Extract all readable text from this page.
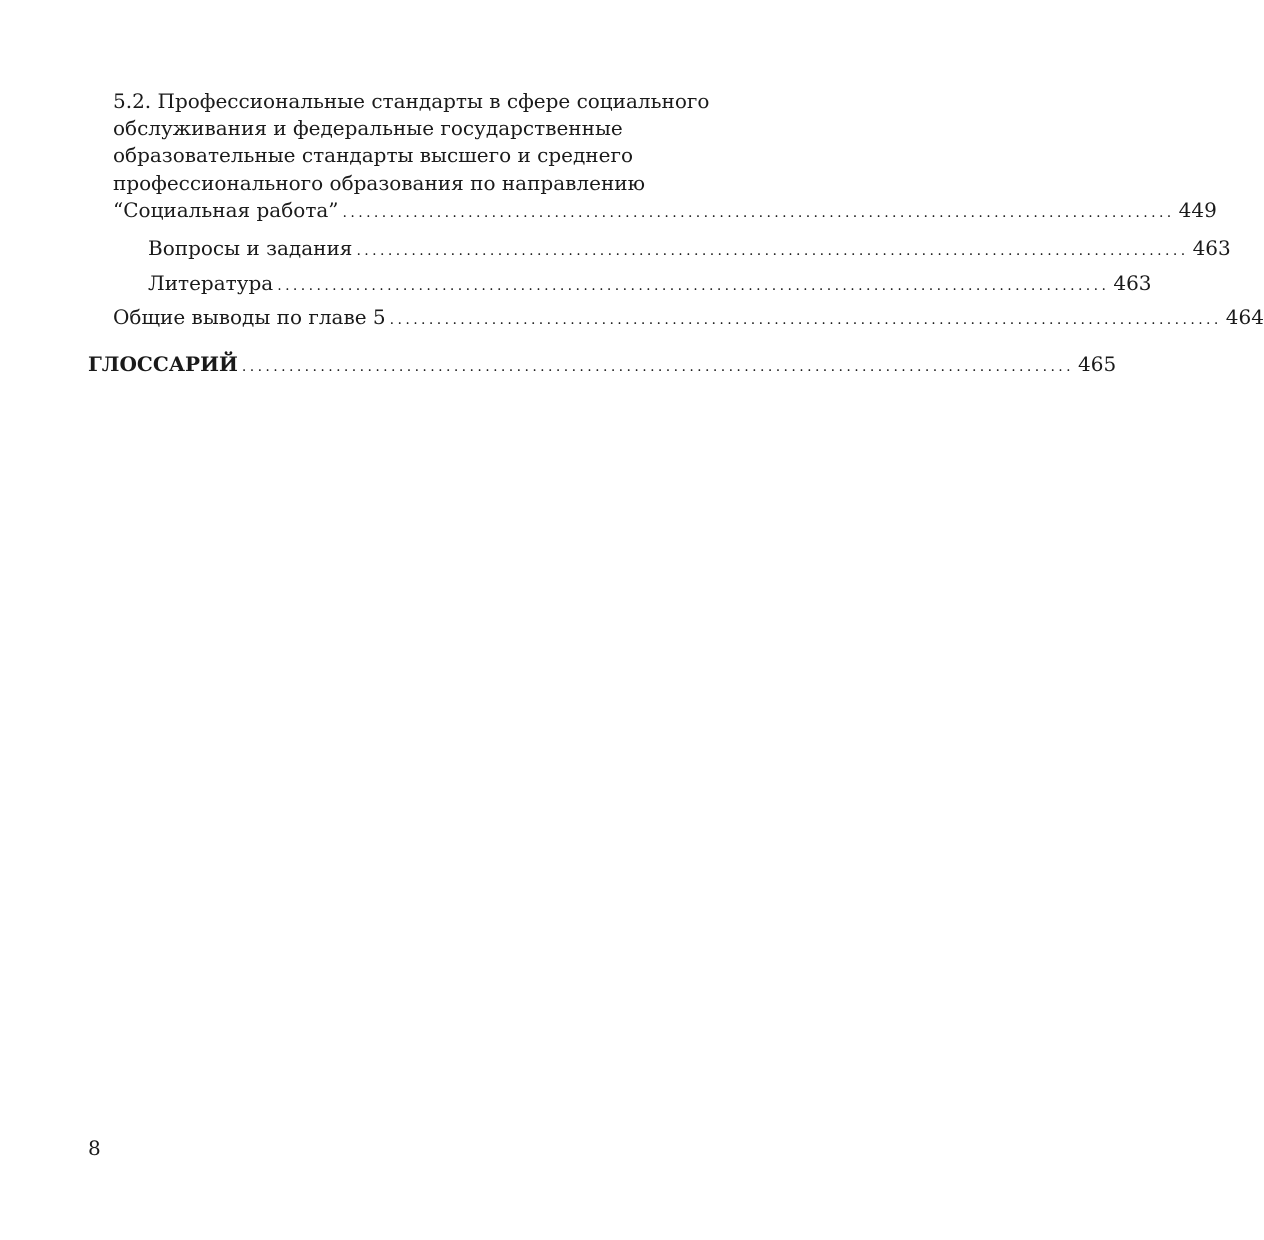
5.2. Профессиональные стандарты в сфере социального
обслуживания и федеральные государственные
образовательные стандарты высшего и среднего
профессионального образования по направлению
“Социальная работа” .......................................................................................................... 449
Вопросы и задания .......................................................................................................... 463
Литература .......................................................................................................... 463
Общие выводы по главе 5 .......................................................................................................... 464
ГЛОССАРИЙ .......................................................................................................... 465
8
